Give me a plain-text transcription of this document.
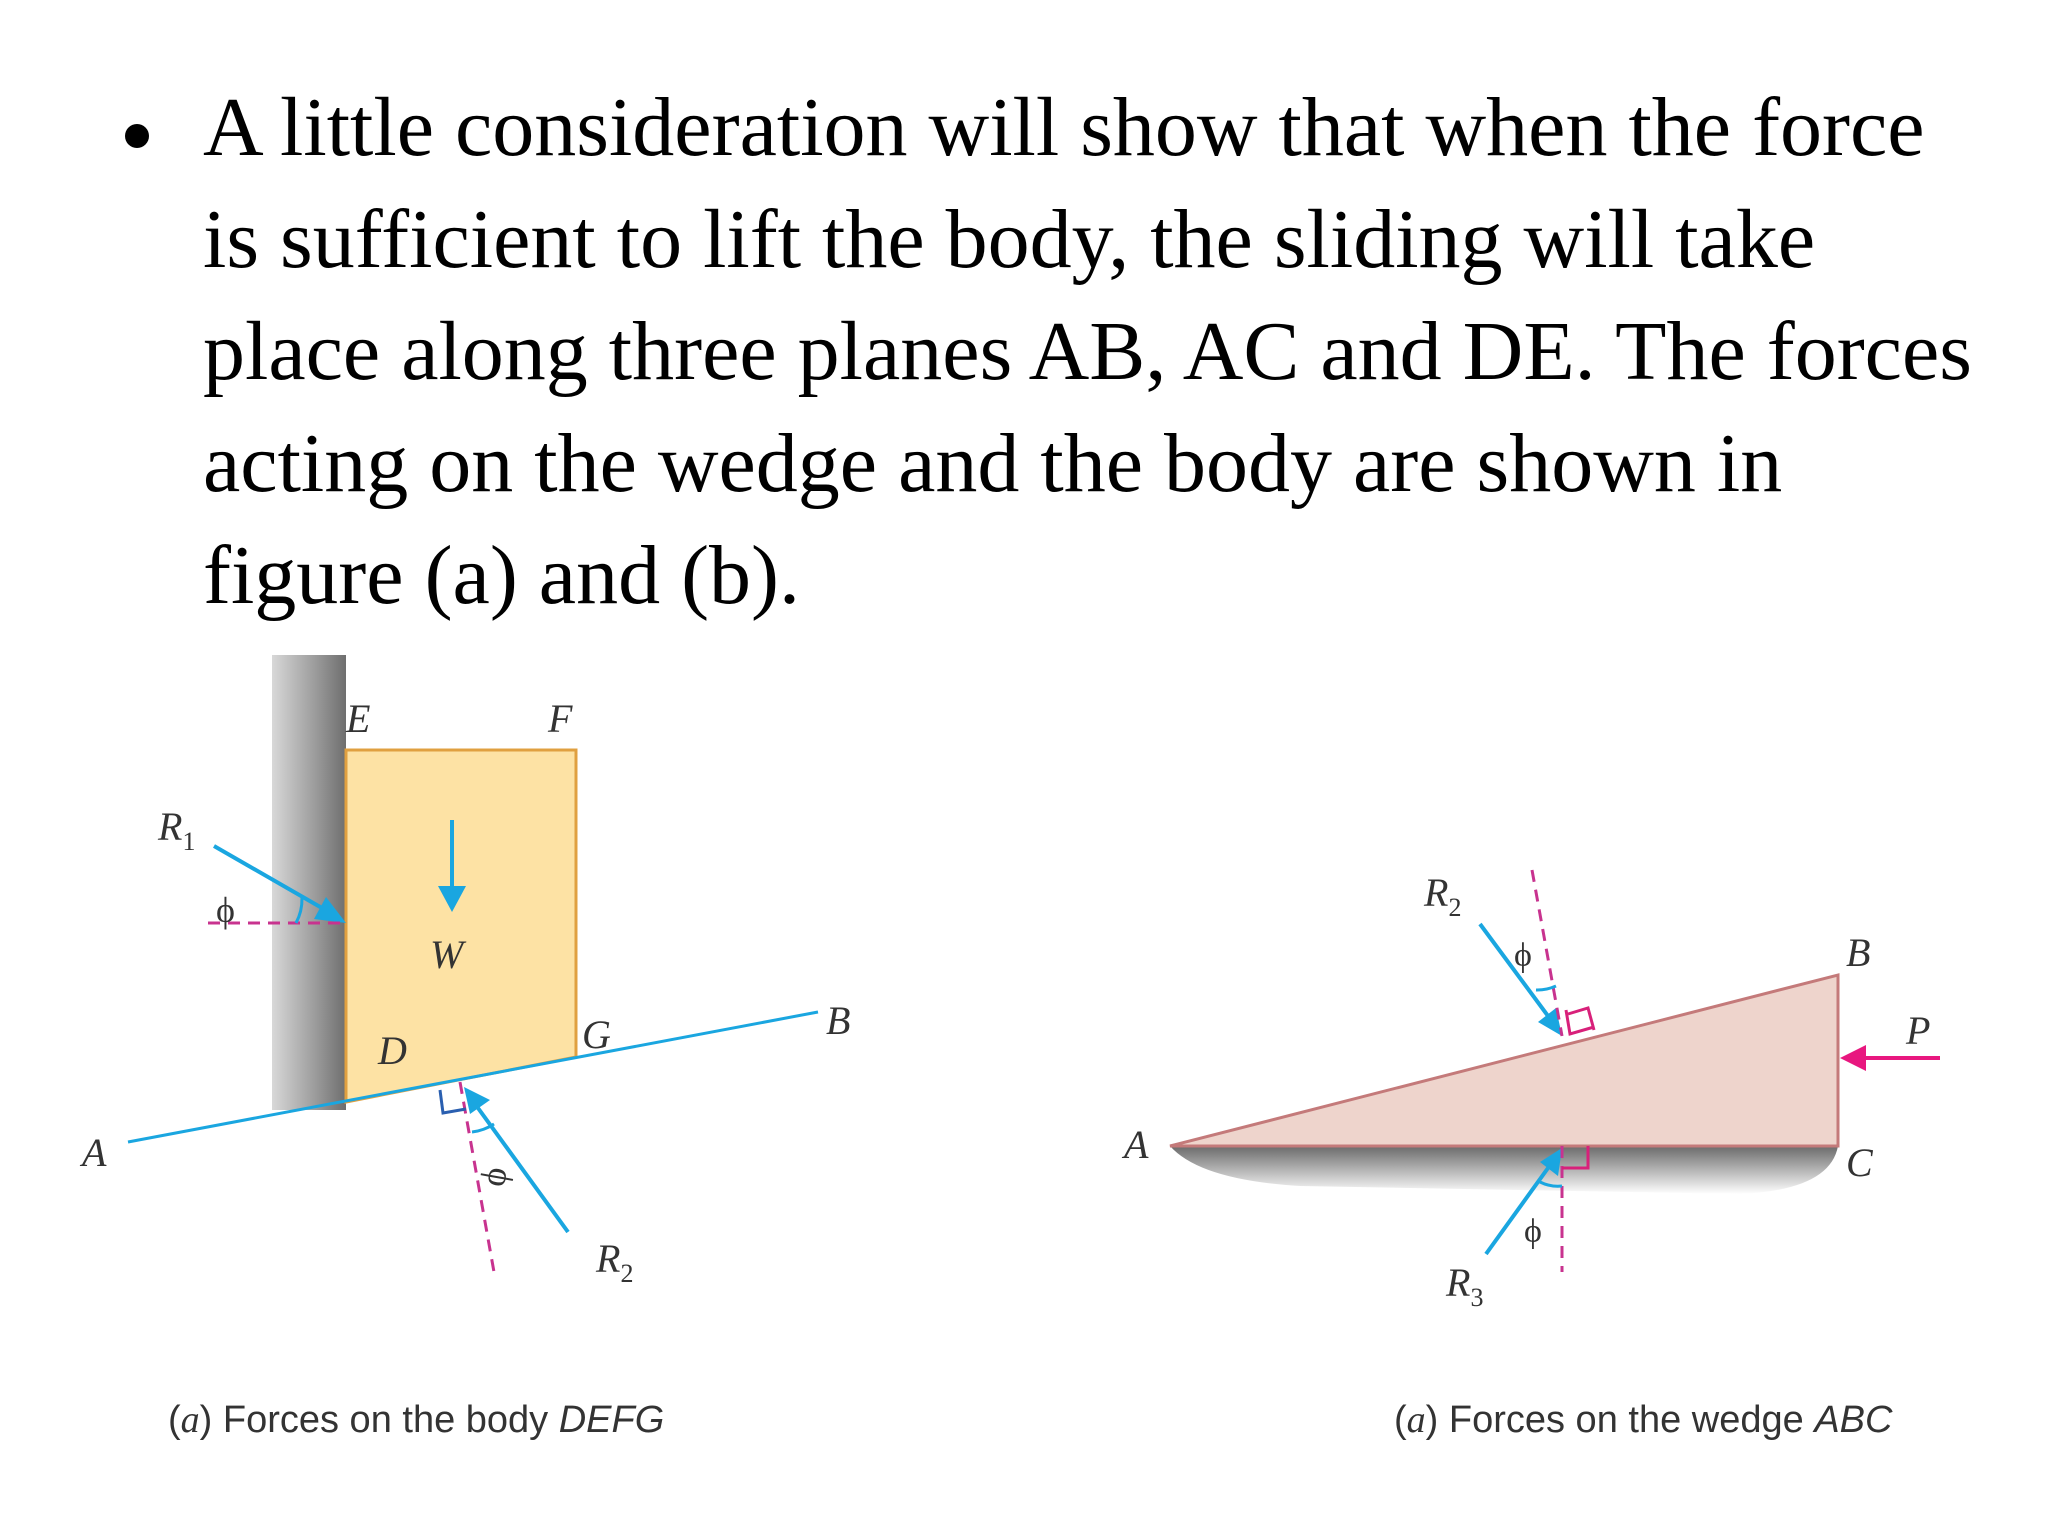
A little consideration will show that when the force is sufficient to lift the body, the sliding will take place along three planes AB, AC and DE. The forces acting on the wedge and the body are shown in figure (a) and (b).

E	F
G
D
A
B
W
$R_1$
ϕ
ϕ
$R_2$
(a) Forces on the body DEFG
A
B
C
P
$R_2$
ϕ
ϕ
$R_3$
(a) Forces on the wedge ABC
